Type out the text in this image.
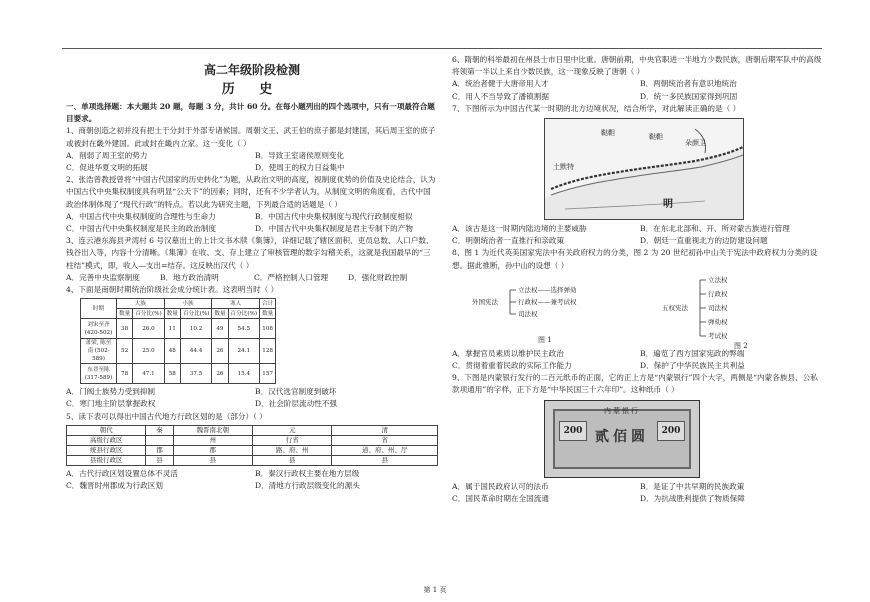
高二年级阶段检测
历 史
一、单项选择题：本大题共 20 题，每题 3 分，共计 60 分。在每小题列出的四个选项中，只有一项最符合题目要求。
1、商朝创造之初并没有把土于分封于外部专诸候国。周朝文王、武王伯的庶子都是封建国，其后周王室的庶子或被封在畿外建国。此或封在畿内立家。这一变化（ ）
A．削弱了周王室的势力	B．导致王室诸侯原则变化
C．促进华夏文明的拓展	D．使周王的权力日益集中
2、张浩曾教授曾将“中国古代国家的历史转化”为题，从政治文明的高度，视制度优势的价值及史论结合，认为中国古代中央集权制度具有明显“公天下”的因素；同时，还有不少学者认为，从制度文明的角度看，古代中国政治体制体现了“现代行政”的特点。若以此为研究主题，下列最合适的话题是（ ）
A．中国古代中央集权制度的合理性与生命力	B．中国古代中央集权制度与现代行政制度相似
C．中国古代中央集权制度是民主的政治制度	D．中国古代中央集权制度是君主专制下的产物
3、连云港东海县尹湾村 6 号汉墓出土的上计文书木牍《集簿》，详细记载了辖区面积、吏员总数、人口户数、钱谷出入等，内容十分清晰。《集簿》在收、支、存上建立了审核管理的数字勾稽关系，这就是我国最早的“三柱结”模式，即，收入—支出=结存。这反映出汉代（ ）
A．完善中央监察制度	B．地方政治清明	C．严格控制人口管理	D．强化财政控制
4、下面是南朝时期统治阶级社会成分统计表。这表明当时（ ）
时期	大族		小族		寒人		合计
	数量	百分比(%)	数量	百分比(%)	数量	百分比(%)	数量
刘宋至齐 (420-502)	38	26.0	11	10.2	49	54.5	108
萧梁, 陈至南 (502-589)	52	25.0	48	44.4	26	24.1	128
东晋至陈 (317-589)	78	47.1	58	37.5	26	15.4	157
A．门阀士族势力受到抑制	B．汉代选官制度到破坏
C．寒门地主阶层掌握政权	D．社会阶层流动性不强
5、读下表可以得出中国古代地方行政区划的是（部分）（ ）
朝代	秦	魏晋南北朝	元	清
高级行政区		州	行省	省
统县行政区	郡	郡	路、府、州	道、府、州、厅
县级行政区	县	县	县	县
A．古代行政区划设置总体不灵活	B．秦汉行政权主要在地方层级
C．魏晋时州郡成为行政区划	D．清地方行政层级变化的源头
6、隋朝的科举最初在州县士市日里中比重。唐朝前期，中央官职进一半地方少数民族，唐朝后期军队中的高级将领第一半以上来自少数民族，这一现象反映了唐朝（ ）
A．统治者健于大唐帝用人才	B．两朝统治者有意识地统治
C．用人不当导致了潘镇割据	D．统一多民族国家得到巩固
7、下图所示为中国古代某一时期的北方边境状况，结合所学，对此解读正确的是（ ）
鞑靼
土默特
朵颜卫
鞑靼
明
A．该古是这一时期内陆边境的主要威胁	B．在东北北部和、开、所对蒙古族进行管理
C．明朝统治者一直推行和亲政策	D．朝廷一直重视北方的边防建设问题
8、图 1 为近代英美国家宪法中有关政府权力的分类，图 2 为 20 世纪初孙中山关于宪法中政府权力分类的设想。据此推断，孙中山的设想（ ）
外国宪法
立法权——选择弹劾
行政权——兼考试权
司法权
图 1
五权宪法
立法权
行政权
司法权
弹劾权
考试权
图 2
A．掌握官员素质以维护民主政治	B．遍览了西方国家宪政的弊端
C．贯彻着重着民政的实际工作能力	D．保护了中华民族民主共利益
9、下图是内蒙银行发行的二百元纸币的正面，它的正上方是“内蒙银行”四个大字，两侧是“内蒙各族县、公私款项通用”的字样，正下方是“中华民国三十六年印”。这种纸币（ ）
内蒙银行
贰佰圆
200	200
A．属于国民政府认可的法币	B．是证了中共早期的民族政策
C．国民革命时期在全国流通	D．为抗战胜利提供了物质保障
第 1 页
